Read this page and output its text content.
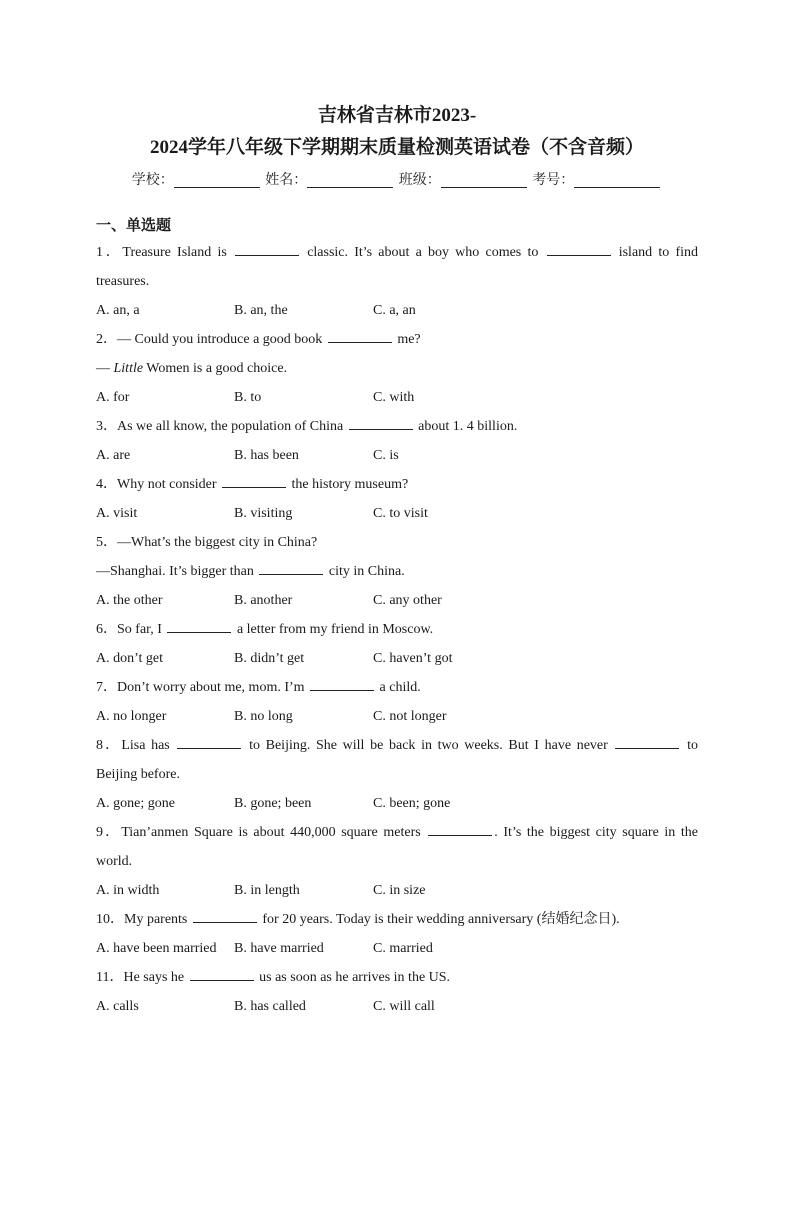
吉林省吉林市2023-
2024学年八年级下学期期末质量检测英语试卷（不含音频）
学校：	姓名：	班级：	考号：
一、单选题
1．Treasure Island is	classic. It’s about a boy who comes to	island to find treasures.
A. an, a	B. an, the	C. a, an
2．— Could you introduce a good book	me?
— Little Women is a good choice.
A. for	B. to	C. with
3．As we all know, the population of China	about 1. 4 billion.
A. are	B. has been	C. is
4．Why not consider	the history museum?
A. visit	B. visiting	C. to visit
5．—What’s the biggest city in China?
—Shanghai. It’s bigger than	city in China.
A. the other	B. another	C. any other
6．So far, I	a letter from my friend in Moscow.
A. don’t get	B. didn’t get	C. haven’t got
7．Don’t worry about me, mom. I’m	a child.
A. no longer	B. no long	C. not longer
8．Lisa has	to Beijing. She will be back in two weeks. But I have never	to Beijing before.
A. gone; gone	B. gone; been	C. been; gone
9．Tian’anmen Square is about 440,000 square meters	. It’s the biggest city square in the world.
A. in width	B. in length	C. in size
10．My parents	for 20 years. Today is their wedding anniversary (结婚纪念日).
A. have been married B. have married	C. married
11．He says he	us as soon as he arrives in the US.
A. calls	B. has called	C. will call
